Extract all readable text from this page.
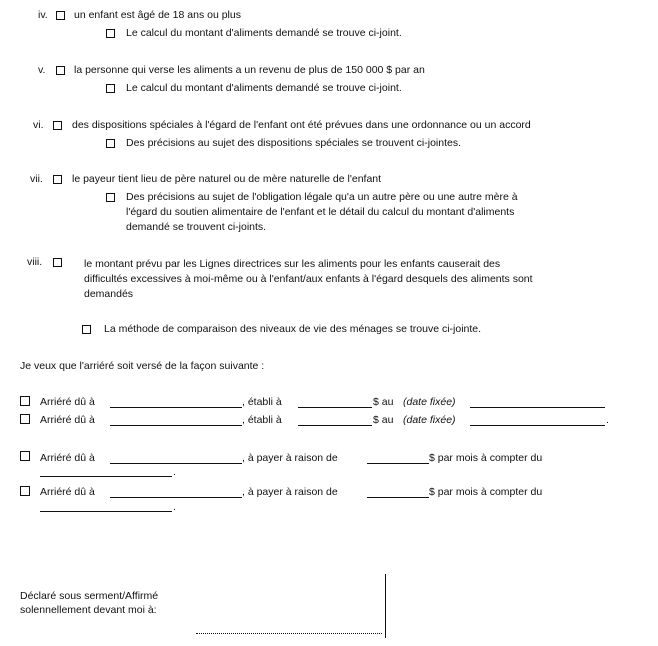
iv.	un enfant est âgé de 18 ans ou plus
Le calcul du montant d'aliments demandé se trouve ci-joint.
v.	la personne qui verse les aliments a un revenu de plus de 150 000 $ par an
Le calcul du montant d'aliments demandé se trouve ci-joint.
vi.	des dispositions spéciales à l'égard de l'enfant ont été prévues dans une ordonnance ou un accord
Des précisions au sujet des dispositions spéciales se trouvent ci-jointes.
vii.	le payeur tient lieu de père naturel ou de mère naturelle de l'enfant
Des précisions au sujet de l'obligation légale qu'a un autre père ou une autre mère à
l'égard du soutien alimentaire de l'enfant et le détail du calcul du montant d'aliments
demandé se trouvent ci-joints.
viii.	le montant prévu par les Lignes directrices sur les aliments pour les enfants causerait des
difficultés excessives à moi-même ou à l'enfant/aux enfants à l'égard desquels des aliments sont
demandés
La méthode de comparaison des niveaux de vie des ménages se trouve ci-jointe.
Je veux que l'arriéré soit versé de la façon suivante :
Arriéré dû à	, établi à	$ au (date fixée)
Arriéré dû à	, établi à	$ au (date fixée)	.
Arriéré dû à	, à payer à raison de	$ par mois à compter du
.
Arriéré dû à	, à payer à raison de	$ par mois à compter du
.
Déclaré sous serment/Affirmé
solennellement devant moi à:
